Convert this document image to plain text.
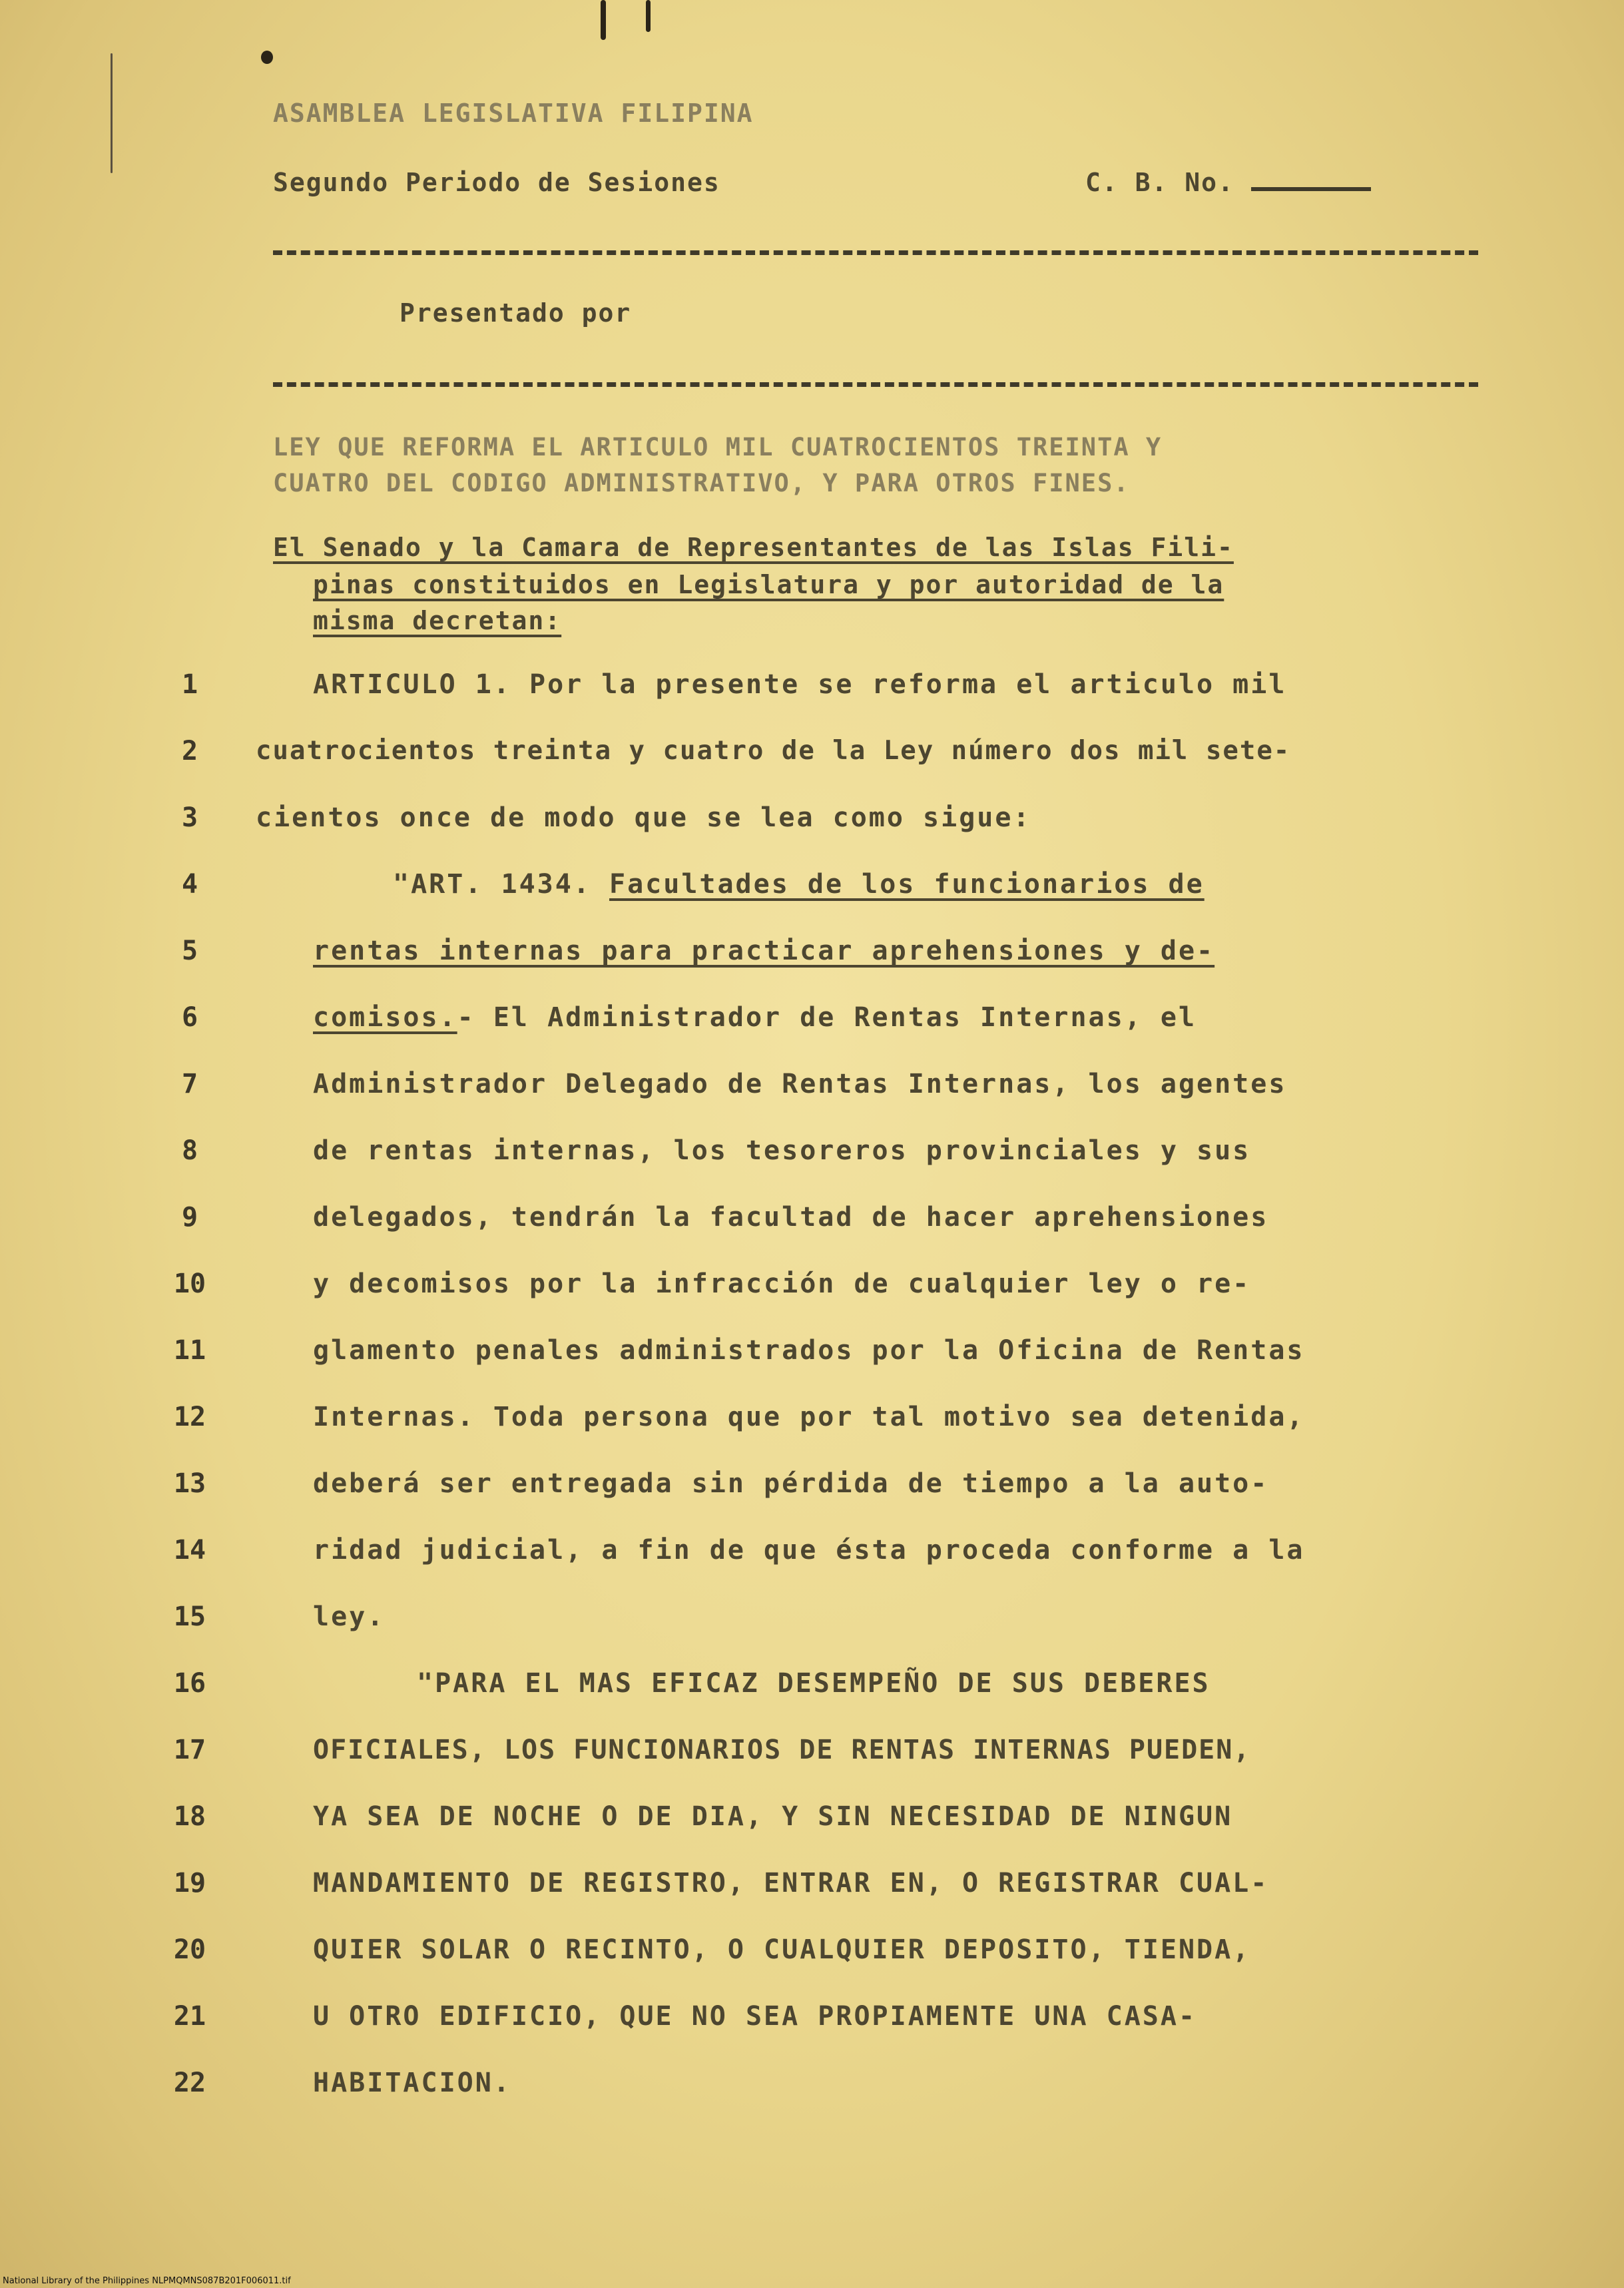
ASAMBLEA LEGISLATIVA FILIPINA
Segundo Periodo de Sesiones	C. B. No.
Presentado por
LEY QUE REFORMA EL ARTICULO MIL CUATROCIENTOS TREINTA Y
CUATRO DEL CODIGO ADMINISTRATIVO, Y PARA OTROS FINES.
El Senado y la Camara de Representantes de las Islas Fili-
pinas constituidos en Legislatura y por autoridad de la
misma decretan:
1	ARTICULO 1. Por la presente se reforma el articulo mil
2	cuatrocientos treinta y cuatro de la Ley número dos mil sete-
3	cientos once de modo que se lea como sigue:
4	"ART. 1434. Facultades de los funcionarios de
5	rentas internas para practicar aprehensiones y de-
6	comisos.- El Administrador de Rentas Internas, el
7	Administrador Delegado de Rentas Internas, los agentes
8	de rentas internas, los tesoreros provinciales y sus
9	delegados, tendrán la facultad de hacer aprehensiones
10	y decomisos por la infracción de cualquier ley o re-
11	glamento penales administrados por la Oficina de Rentas
12	Internas. Toda persona que por tal motivo sea detenida,
13	deberá ser entregada sin pérdida de tiempo a la auto-
14	ridad judicial, a fin de que ésta proceda conforme a la
15	ley.
16	"PARA EL MAS EFICAZ DESEMPEÑO DE SUS DEBERES
17	OFICIALES, LOS FUNCIONARIOS DE RENTAS INTERNAS PUEDEN,
18	YA SEA DE NOCHE O DE DIA, Y SIN NECESIDAD DE NINGUN
19	MANDAMIENTO DE REGISTRO, ENTRAR EN, O REGISTRAR CUAL-
20	QUIER SOLAR O RECINTO, O CUALQUIER DEPOSITO, TIENDA,
21	U OTRO EDIFICIO, QUE NO SEA PROPIAMENTE UNA CASA-
22	HABITACION.
National Library of the Philippines NLPMQMNS087B201F006011.tif
